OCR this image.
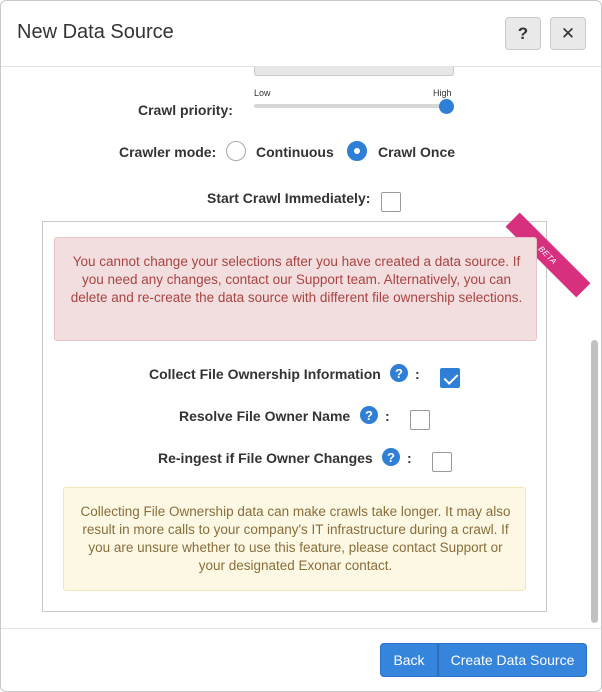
New Data Source	?	✕
Low	High
Crawl priority:
Crawler mode:	Continuous	Crawl Once
Start Crawl Immediately:
BETA

You cannot change your selections after you have created a data source. If you need any changes, contact our Support team. Alternatively, you can delete and re-create the data source with different file ownership selections.

Collect File Ownership Information	? :
Resolve File Owner Name	? :
Re-ingest if File Owner Changes	? :

Collecting File Ownership data can make crawls take longer. It may also result in more calls to your company's IT infrastructure during a crawl. If you are unsure whether to use this feature, please contact Support or your designated Exonar contact.

Back	Create Data Source
